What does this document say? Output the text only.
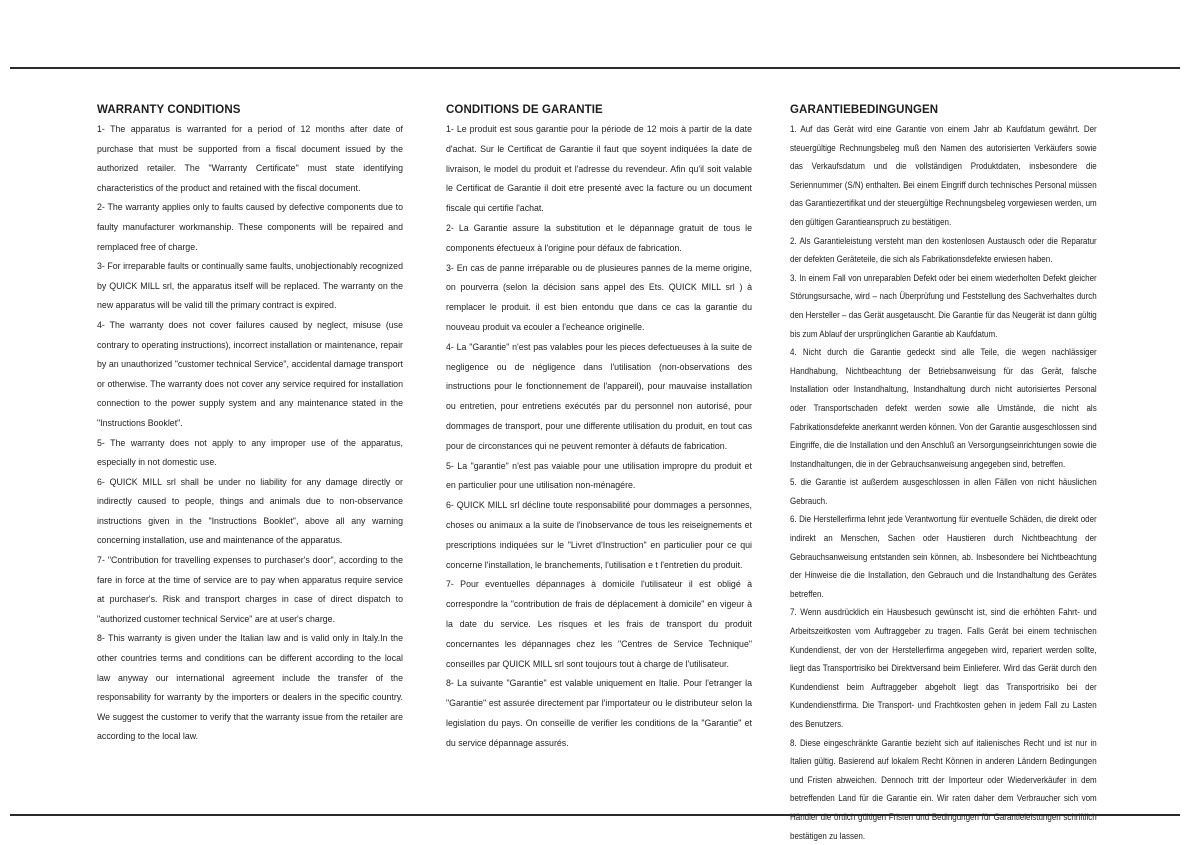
WARRANTY CONDITIONS

1- The apparatus is warranted for a period of 12 months after date of purchase that must be supported from a fiscal document issued by the authorized retailer. The "Warranty Certificate" must state identifying characteristics of the product and retained with the fiscal document.

2- The warranty applies only to faults caused by defective components due to faulty manufacturer workmanship. These components will be repaired and remplaced free of charge.

3- For irreparable faults or continually same faults, unobjectionably recognized by QUICK MILL srl, the apparatus itself will be replaced. The warranty on the new apparatus will be valid till the primary contract is expired.

4- The warranty does not cover failures caused by neglect, misuse (use contrary to operating instructions), incorrect installation or maintenance, repair by an unauthorized "customer technical Service", accidental damage transport or otherwise. The warranty does not cover any service required for installation connection to the power supply system and any maintenance stated in the "Instructions Booklet".

5- The warranty does not apply to any improper use of the apparatus, especially in not domestic use.

6- QUICK MILL srl shall be under no liability for any damage directly or indirectly caused to people, things and animals due to non-observance instructions given in the "Instructions Booklet", above all any warning concerning installation, use and maintenance of the apparatus.

7- "Contribution for travelling expenses to purchaser's door", according to the fare in force at the time of service are to pay when apparatus require service at purchaser's. Risk and transport charges in case of direct dispatch to "authorized customer technical Service" are at user's charge.

8- This warranty is given under the Italian law and is valid only in Italy.In the other countries terms and conditions can be different according to the local law anyway our international agreement include the transfer of the responsability for warranty by the importers or dealers in the specific country. We suggest the customer to verify that the warranty issue from the retailer are according to the local law.

CONDITIONS DE GARANTIE

1- Le produit est sous garantie pour la période de 12 mois à partir de la date d'achat. Sur le Certificat de Garantie il faut que soyent indiquées la date de livraison, le model du produit et l'adresse du revendeur. Afin qu'il soit valable le Certificat de Garantie il doit etre presenté avec la facture ou un document fiscale qui certifie l'achat.

2- La Garantie assure la substitution et le dépannage gratuit de tous le components éfectueux à l'origine pour défaux de fabrication.

3- En cas de panne irréparable ou de plusieures pannes de la meme origine, on pourverra (selon la décision sans appel des Ets. QUICK MILL srl ) à remplacer le produit. il est bien entondu que dans ce cas la garantie du nouveau produit va ecouler a l'echeance originelle.

4- La "Garantie" n'est pas valables pour les pieces defectueuses à la suite de negligence ou de négligence dans l'utilisation (non-observations des instructions pour le fonctionnement de l'appareil), pour mauvaise installation ou entretien, pour entretiens exécutés par du personnel non autorisé, pour dommages de transport, pour une differente utilisation du produit, en tout cas pour de circonstances qui ne peuvent remonter à défauts de fabrication.

5- La "garantie" n'est pas vaiable pour une utilisation impropre du produit et en particulier pour une utilisation non-ménagére.

6- QUICK MILL srl décline toute responsabilité pour dommages a personnes, choses ou animaux a la suite de l'inobservance de tous les reiseignements et prescriptions indiquées sur le "Livret d'Instruction" en particulier pour ce qui concerne l'installation, le branchements, l'utilisation e t l'entretien du produit.

7- Pour eventuelles dépannages à domicile l'utilisateur il est obligé à correspondre la "contribution de frais de déplacement à domicile" en vigeur à la date du service. Les risques et les frais de transport du produit concernantes les dépannages chez les "Centres de Service Technique" conseilles par QUICK MILL srl sont toujours tout à charge de l'utilisateur.

8- La suivante "Garantie" est valable uniquement en Italie. Pour l'etranger la "Garantie" est assurée directement par l'importateur ou le distributeur selon la legislation du pays. On conseille de verifier les conditions de la "Garantie" et du service dépannage assurés.

GARANTIEBEDINGUNGEN

1. Auf das Gerät wird eine Garantie von einem Jahr ab Kaufdatum gewährt. Der steuergültige Rechnungsbeleg muß den Namen des autorisierten Verkäufers sowie das Verkaufsdatum und die vollständigen Produktdaten, insbesondere die Seriennummer (S/N) enthalten. Bei einem Eingriff durch technisches Personal müssen das Garantiezertifikat und der steuergültige Rechnungsbeleg vorgewiesen werden, um den gültigen Garantieanspruch zu bestätigen.

2. Als Garantieleistung versteht man den kostenlosen Austausch oder die Reparatur der defekten Geräteteile, die sich als Fabrikationsdefekte erwiesen haben.

3. In einem Fall von unreparablen Defekt oder bei einem wiederholten Defekt gleicher Störungsursache, wird – nach Überprüfung und Feststellung des Sachverhaltes durch den Hersteller – das Gerät ausgetauscht. Die Garantie für das Neugerät ist dann gültig bis zum Ablauf der ursprünglichen Garantie ab Kaufdatum.

4. Nicht durch die Garantie gedeckt sind alle Teile, die wegen nachlässiger Handhabung, Nichtbeachtung der Betriebsanweisung für das Gerät, falsche Installation oder Instandhaltung, Instandhaltung durch nicht autorisiertes Personal oder Transportschaden defekt werden sowie alle Umstände, die nicht als Fabrikationsdefekte anerkannt werden können. Von der Garantie ausgeschlossen sind Eingriffe, die die Installation und den Anschluß an Versorgungseinrichtungen sowie die Instandhaltungen, die in der Gebrauchsanweisung angegeben sind, betreffen.

5. die Garantie ist außerdem ausgeschlossen in allen Fällen von nicht häuslichen Gebrauch.

6. Die Herstellerfirma lehnt jede Verantwortung für eventuelle Schäden, die direkt oder indirekt an Menschen, Sachen oder Haustieren durch Nichtbeachtung der Gebrauchsanweisung entstanden sein können, ab. Insbesondere bei Nichtbeachtung der Hinweise die die Installation, den Gebrauch und die Instandhaltung des Gerätes betreffen.

7. Wenn ausdrücklich ein Hausbesuch gewünscht ist, sind die erhöhten Fahrt- und Arbeitszeitkosten vom Auftraggeber zu tragen. Falls Gerät bei einem technischen Kundendienst, der von der Herstellerfirma angegeben wird, repariert werden sollte, liegt das Transportrisiko bei Direktversand beim Einlieferer. Wird das Gerät durch den Kundendienst beim Auftraggeber abgeholt liegt das Transportrisiko bei der Kundendienstfirma. Die Transport- und Frachtkosten gehen in jedem Fall zu Lasten des Benutzers.

8. Diese eingeschränkte Garantie bezieht sich auf italienisches Recht und ist nur in Italien gültig. Basierend auf lokalem Recht Können in anderen Ländern Bedingungen und Fristen abweichen. Dennoch tritt der Importeur oder Wiederverkäufer in dem betreffenden Land für die Garantie ein. Wir raten daher dem Verbraucher sich vom Händler die örtlich gültigen Fristen und Bedingungen für Garantieleistungen schriftlich bestätigen zu lassen.
